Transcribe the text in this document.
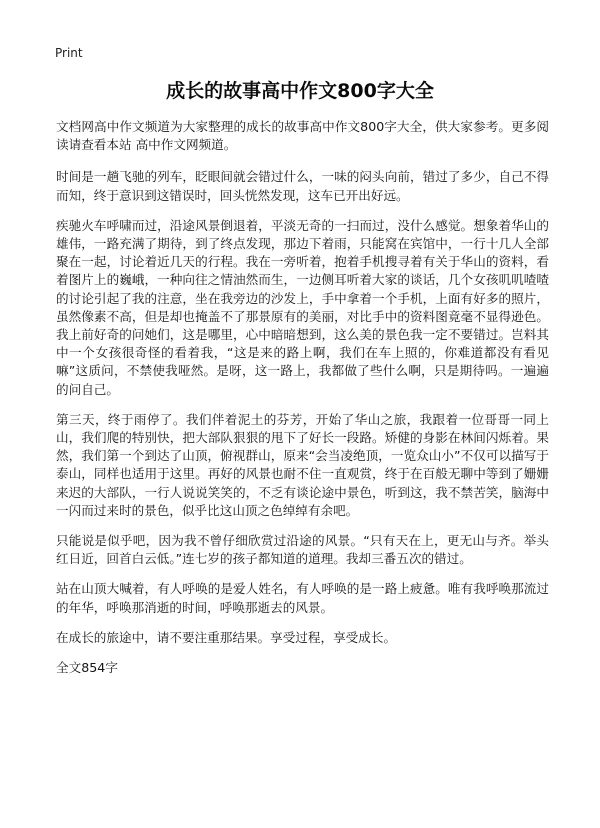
Print
成长的故事高中作文800字大全

文档网高中作文频道为大家整理的成长的故事高中作文800字大全，供大家参考。更多阅读请查看本站 高中作文网频道。

时间是一趟飞驰的列车，眨眼间就会错过什么，一味的闷头向前，错过了多少，自己不得而知，终于意识到这错误时，回头恍然发现，这车已开出好远。

疾驰火车呼啸而过，沿途风景倒退着，平淡无奇的一扫而过，没什么感觉。想象着华山的雄伟，一路充满了期待，到了终点发现，那边下着雨，只能窝在宾馆中，一行十几人全部聚在一起，讨论着近几天的行程。我在一旁听着，抱着手机搜寻着有关于华山的资料，看着图片上的巍峨，一种向往之情油然而生，一边侧耳听着大家的谈话，几个女孩叽叽喳喳的讨论引起了我的注意，坐在我旁边的沙发上，手中拿着一个手机，上面有好多的照片，虽然像素不高，但是却也掩盖不了那景原有的美丽，对比手中的资料图竟毫不显得逊色。我上前好奇的问她们，这是哪里，心中暗暗想到，这么美的景色我一定不要错过。岂料其中一个女孩很奇怪的看着我，“这是来的路上啊，我们在车上照的，你难道都没有看见嘛”这质问，不禁使我哑然。是呀，这一路上，我都做了些什么啊，只是期待吗。一遍遍的问自己。

第三天，终于雨停了。我们伴着泥土的芬芳，开始了华山之旅，我跟着一位哥哥一同上山，我们爬的特别快，把大部队狠狠的甩下了好长一段路。矫健的身影在林间闪烁着。果然，我们第一个到达了山顶，俯视群山，原来“会当凌绝顶，一览众山小”不仅可以描写于泰山，同样也适用于这里。再好的风景也耐不住一直观赏，终于在百般无聊中等到了姗姗来迟的大部队，一行人说说笑笑的，不乏有谈论途中景色，听到这，我不禁苦笑，脑海中一闪而过来时的景色，似乎比这山顶之色绰绰有余吧。

只能说是似乎吧，因为我不曾仔细欣赏过沿途的风景。“只有天在上，更无山与齐。举头红日近，回首白云低。”连七岁的孩子都知道的道理。我却三番五次的错过。

站在山顶大喊着，有人呼唤的是爱人姓名，有人呼唤的是一路上疲惫。唯有我呼唤那流过的年华，呼唤那消逝的时间，呼唤那逝去的风景。

在成长的旅途中，请不要注重那结果。享受过程，享受成长。

全文854字
